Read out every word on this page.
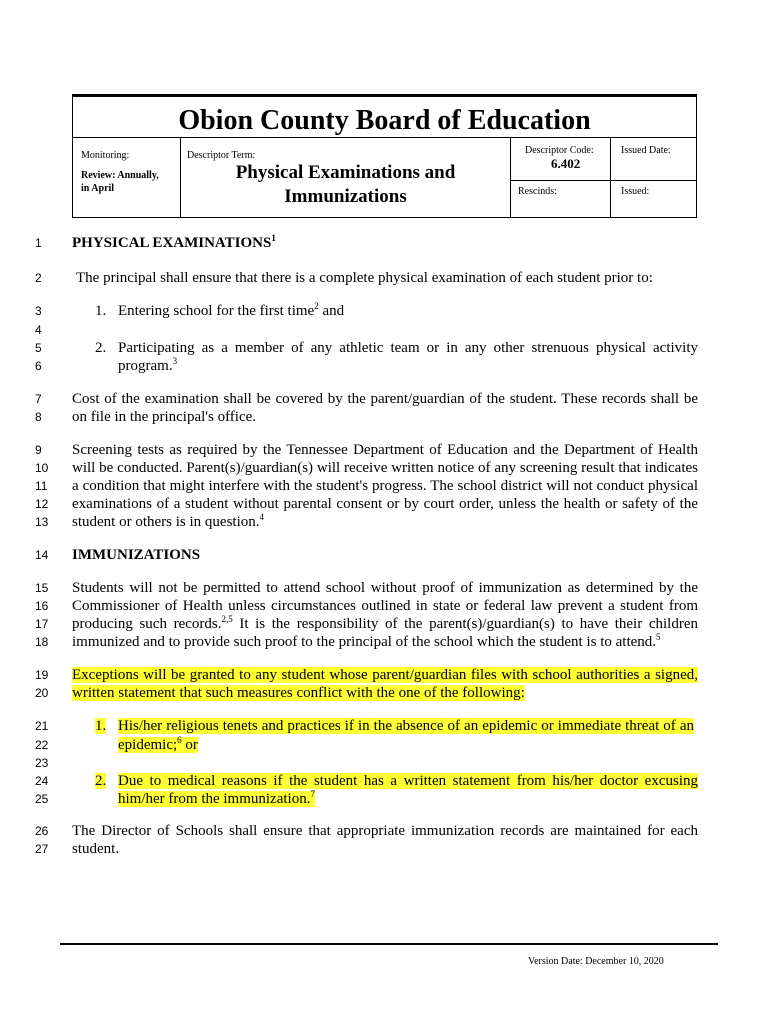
Obion County Board of Education
Monitoring:
Review: Annually,
in April
Descriptor Term:
Physical Examinations and
Immunizations
Descriptor Code:
6.402
Issued Date:
Rescinds:	Issued:
1
2
3
4
5
6
7
8
9
10
11
12
13
14
15
16
17
18
19
20
21
22
23
24
25
26
27
PHYSICAL EXAMINATIONS$^1$
The principal shall ensure that there is a complete physical examination of each student prior to:
1. Entering school for the first time$^2$ and
2. Participating as a member of any athletic team or in any other strenuous physical activity
program.$^3$
Cost of the examination shall be covered by the parent/guardian of the student. These records shall be
on file in the principal's office.
Screening tests as required by the Tennessee Department of Education and the Department of Health
will be conducted. Parent(s)/guardian(s) will receive written notice of any screening result that indicates
a condition that might interfere with the student's progress. The school district will not conduct physical
examinations of a student without parental consent or by court order, unless the health or safety of the
student or others is in question.$^4$
IMMUNIZATIONS
Students will not be permitted to attend school without proof of immunization as determined by the
Commissioner of Health unless circumstances outlined in state or federal law prevent a student from
producing such records.$^{2,5}$ It is the responsibility of the parent(s)/guardian(s) to have their children
immunized and to provide such proof to the principal of the school which the student is to attend.$^5$
Exceptions will be granted to any student whose parent/guardian files with school authorities a signed,
written statement that such measures conflict with the one of the following:
1. His/her religious tenets and practices if in the absence of an epidemic or immediate threat of an
epidemic;$^6$ or
2. Due to medical reasons if the student has a written statement from his/her doctor excusing
him/her from the immunization.$^7$
The Director of Schools shall ensure that appropriate immunization records are maintained for each
student.
Version Date: December 10, 2020
